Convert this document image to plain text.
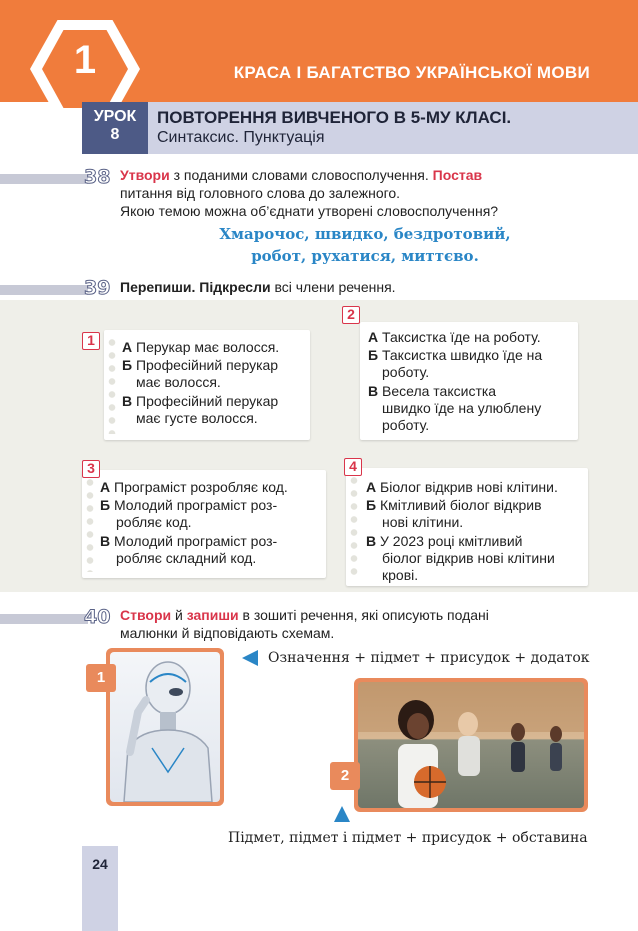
1	КРАСА І БАГАТСТВО УКРАЇНСЬКОЇ МОВИ
УРОК
8
ПОВТОРЕННЯ ВИВЧЕНОГО В 5-МУ КЛАСІ.
Синтаксис. Пунктуація
38 Утвори з поданими словами словосполучення. Постав
питання від головного слова до залежного.
Якою темою можна об’єднати утворені словосполучення?
Хмарочос, швидко, бездротовий,
робот, рухатися, миттєво.
39 Перепиши. Підкресли всі члени речення.
1	А Перукар має волосся.
Б Професійний перукар
має волосся.
В Професійний перукар
має густе волосся.
2
А Таксистка їде на роботу.
Б Таксистка швидко їде на
роботу.
В Весела таксистка
швидко їде на улюблену
роботу.
3
А Програміст розробляє код.
Б Молодий програміст роз-
робляє код.
В Молодий програміст роз-
робляє складний код.
4
А Біолог відкрив нові клітини.
Б Кмітливий біолог відкрив
нові клітини.
В У 2023 році кмітливий
біолог відкрив нові клітини
крові.
40 Створи й запиши в зошиті речення, які описують подані
малюнки й відповідають схемам.
1
Означення + підмет + присудок + додаток
2
Підмет, підмет і підмет + присудок + обставина
24
